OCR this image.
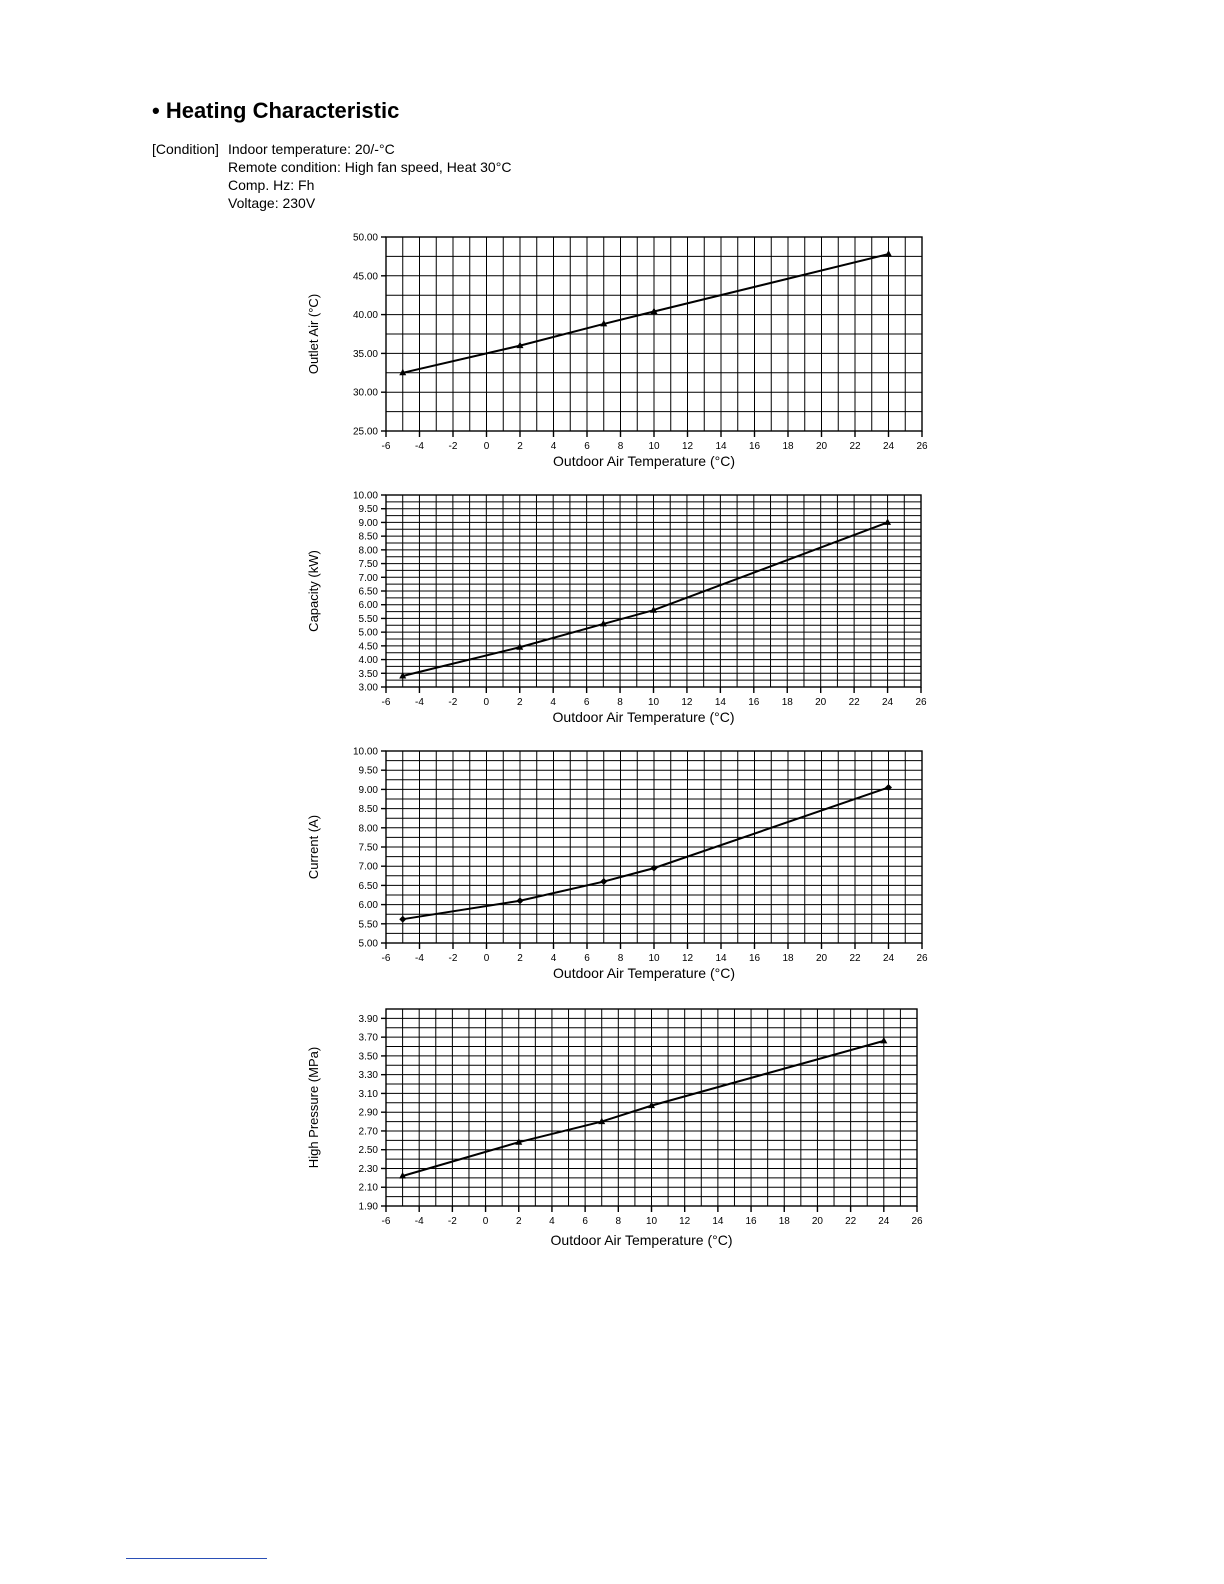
• Heating Characteristic
[Condition] Indoor temperature: 20/-°C
Remote condition: High fan speed, Heat 30°C
Comp. Hz: Fh
Voltage: 230V
-6 -4 -2	0	2	4	6	8	10 12 14 16 18 20 22 24 26
25.00
30.00
35.00
40.00
45.00
50.00
Outdoor Air Temperature (°C)
Outlet Air (°C)
-6 -4 -2	0	2	4	6	8	10 12 14 16 18 20 22 24 26
3.00
3.50
4.00
4.50
5.00
5.50
6.00
6.50
7.00
7.50
8.00
8.50
9.00
9.50
10.00
Outdoor Air Temperature (°C)
Capacity (kW)
-6 -4 -2	0	2	4	6	8	10 12 14 16 18 20 22 24 26
5.00
5.50
6.00
6.50
7.00
7.50
8.00
8.50
9.00
9.50
10.00
Outdoor Air Temperature (°C)
Current (A)
-6 -4 -2	0	2	4	6	8 10 12 14 16 18 20 22 24 26
1.90
2.10
2.30
2.50
2.70
2.90
3.10
3.30
3.50
3.70
3.90
Outdoor Air Temperature (°C)
High Pressure (MPa)
